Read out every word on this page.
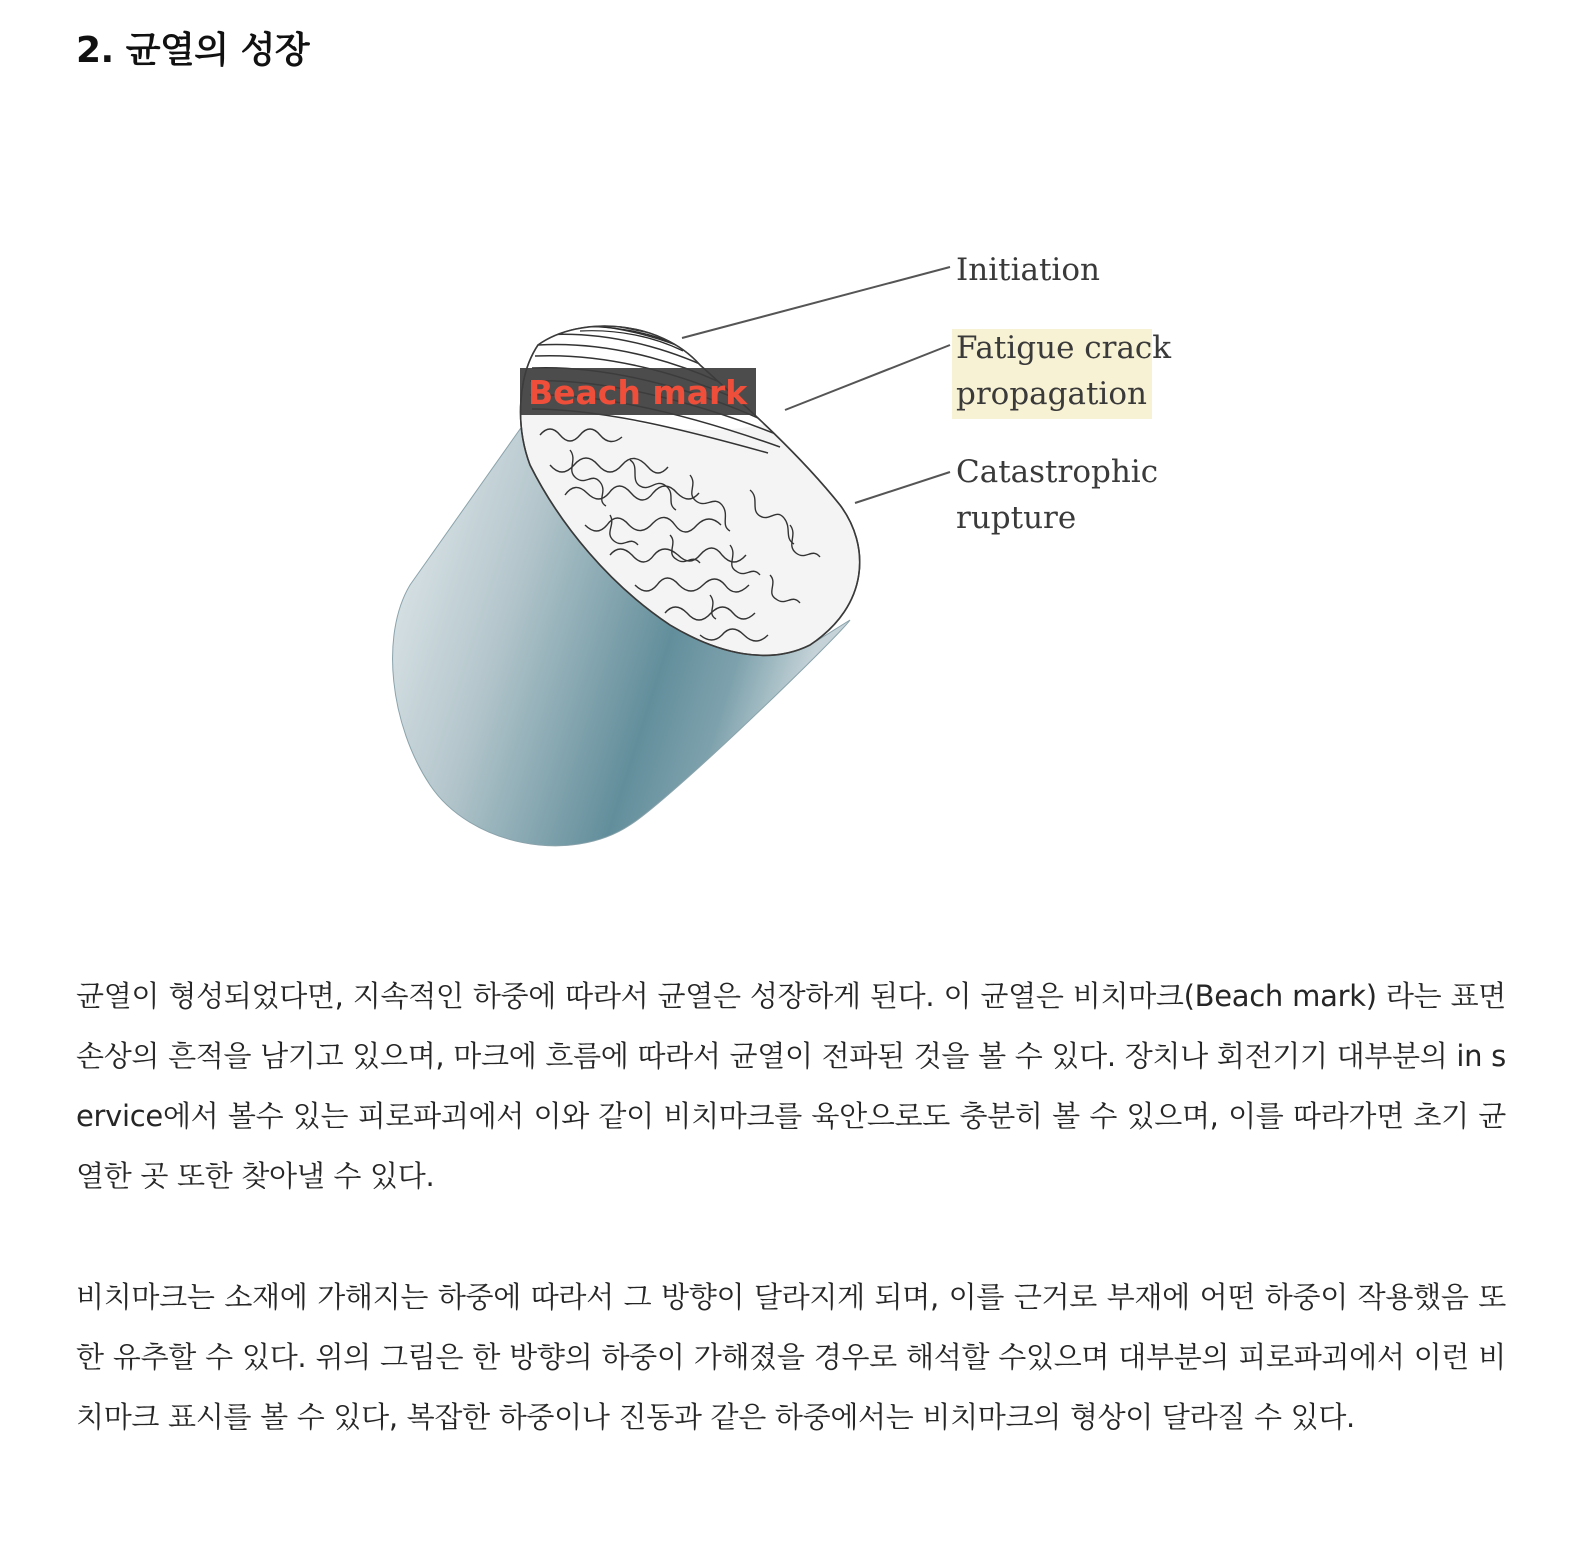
2. 균열의 성장
Initiation
Fatigue crack
propagation
Catastrophic
rupture
Beach mark

균열이 형성되었다면, 지속적인 하중에 따라서 균열은 성장하게 된다. 이 균열은 비치마크(Beach mark) 라는 표면손상의 흔적을 남기고 있으며, 마크에 흐름에 따라서 균열이 전파된 것을 볼 수 있다. 장치나 회전기기 대부분의 in service에서 볼수 있는 피로파괴에서 이와 같이 비치마크를 육안으로도 충분히 볼 수 있으며, 이를 따라가면 초기 균열한 곳 또한 찾아낼 수 있다.

비치마크는 소재에 가해지는 하중에 따라서 그 방향이 달라지게 되며, 이를 근거로 부재에 어떤 하중이 작용했음 또한 유추할 수 있다. 위의 그림은 한 방향의 하중이 가해졌을 경우로 해석할 수있으며 대부분의 피로파괴에서 이런 비치마크 표시를 볼 수 있다, 복잡한 하중이나 진동과 같은 하중에서는 비치마크의 형상이 달라질 수 있다.
